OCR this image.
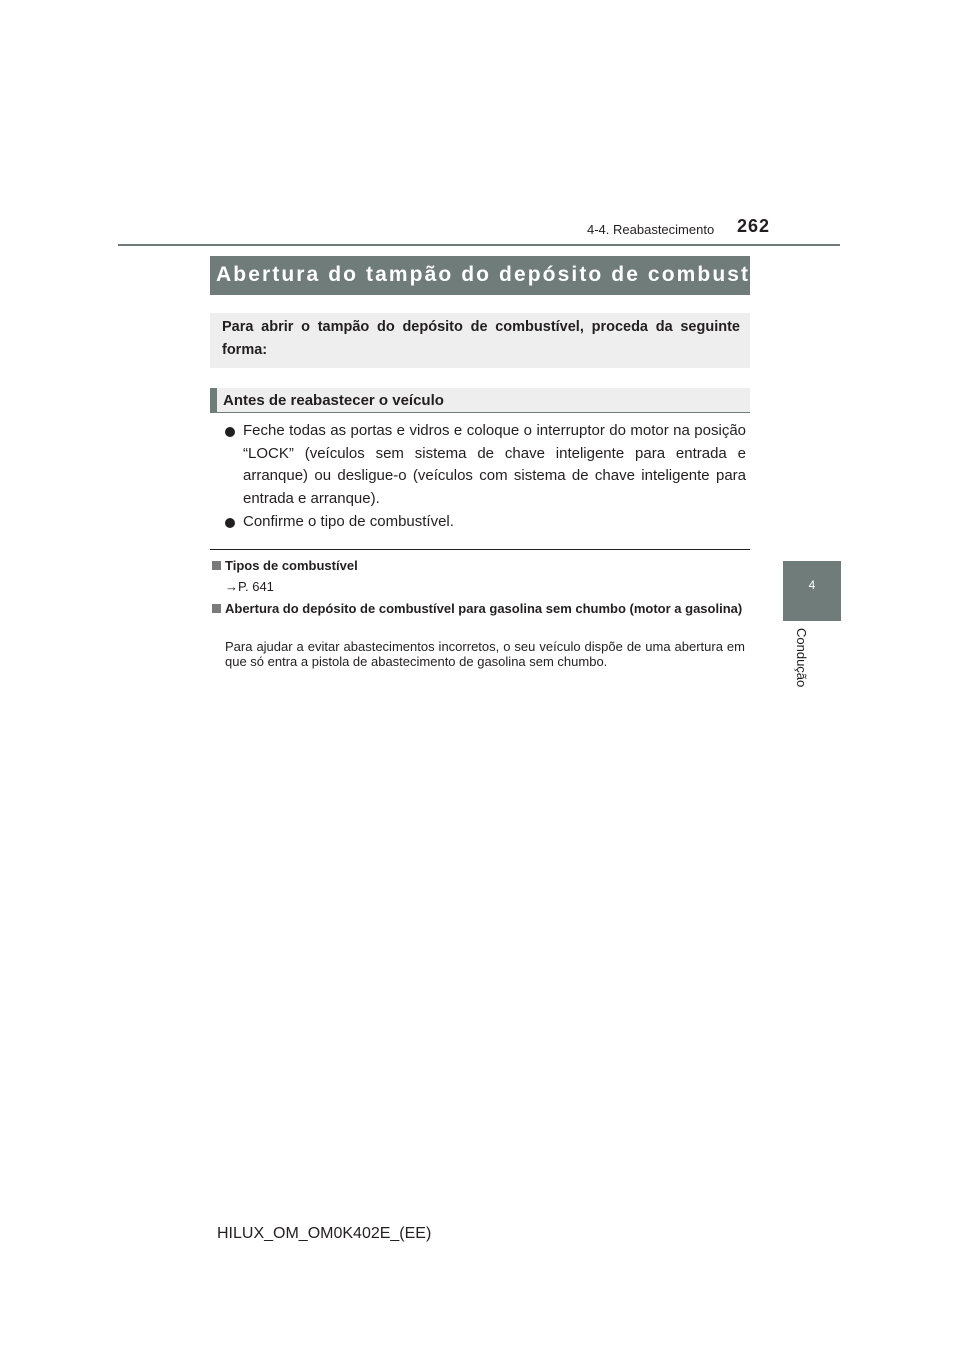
4-4. Reabastecimento 262
4
Condução
Abertura do tampão do depósito de combustível
Para abrir o tampão do depósito de combustível, proceda da seguinte forma:
Antes de reabastecer o veículo
Feche todas as portas e vidros e coloque o interruptor do motor na posição “LOCK” (veículos sem sistema de chave inteligente para entrada e arranque) ou desligue-o (veículos com sistema de chave inteligente para entrada e arranque).
Confirme o tipo de combustível.
Tipos de combustível
→P. 641
Abertura do depósito de combustível para gasolina sem chumbo (motor a gasolina)
Para ajudar a evitar abastecimentos incorretos, o seu veículo dispõe de uma abertura em que só entra a pistola de abastecimento de gasolina sem chumbo.
HILUX_OM_OM0K402E_(EE)
